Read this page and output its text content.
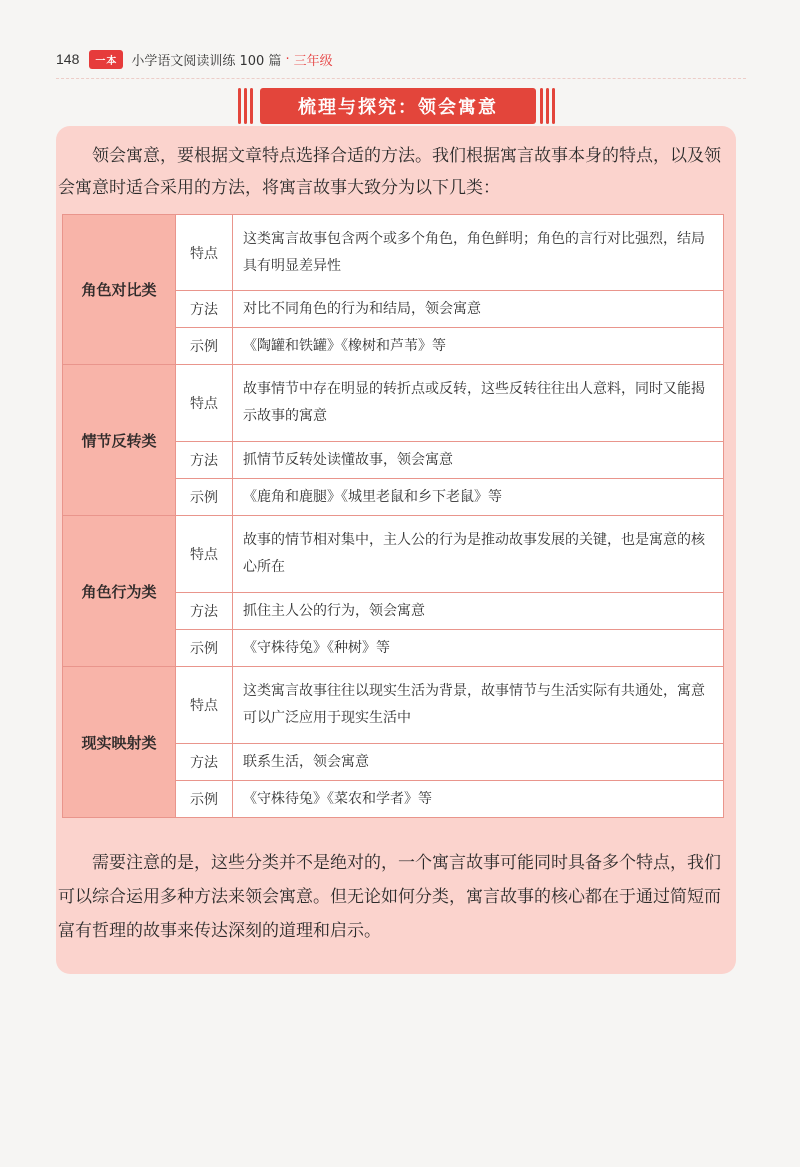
148	一本	小学语文阅读训练 100 篇 · 三年级
梳理与探究：领会寓意

领会寓意，要根据文章特点选择合适的方法。我们根据寓言故事本身的特点，以及领会寓意时适合采用的方法，将寓言故事大致分为以下几类：

角色对比类	特点	这类寓言故事包含两个或多个角色，角色鲜明；角色的言行对比强烈，结局具有明显差异性
	方法	对比不同角色的行为和结局，领会寓意
	示例	《陶罐和铁罐》《橡树和芦苇》等
情节反转类	特点	故事情节中存在明显的转折点或反转，这些反转往往出人意料，同时又能揭示故事的寓意
	方法	抓情节反转处读懂故事，领会寓意
	示例	《鹿角和鹿腿》《城里老鼠和乡下老鼠》等
角色行为类	特点	故事的情节相对集中，主人公的行为是推动故事发展的关键，也是寓意的核心所在
	方法	抓住主人公的行为，领会寓意
	示例	《守株待兔》《种树》等
现实映射类	特点	这类寓言故事往往以现实生活为背景，故事情节与生活实际有共通处，寓意可以广泛应用于现实生活中
	方法	联系生活，领会寓意
	示例	《守株待兔》《菜农和学者》等

需要注意的是，这些分类并不是绝对的，一个寓言故事可能同时具备多个特点，我们可以综合运用多种方法来领会寓意。但无论如何分类，寓言故事的核心都在于通过简短而富有哲理的故事来传达深刻的道理和启示。
